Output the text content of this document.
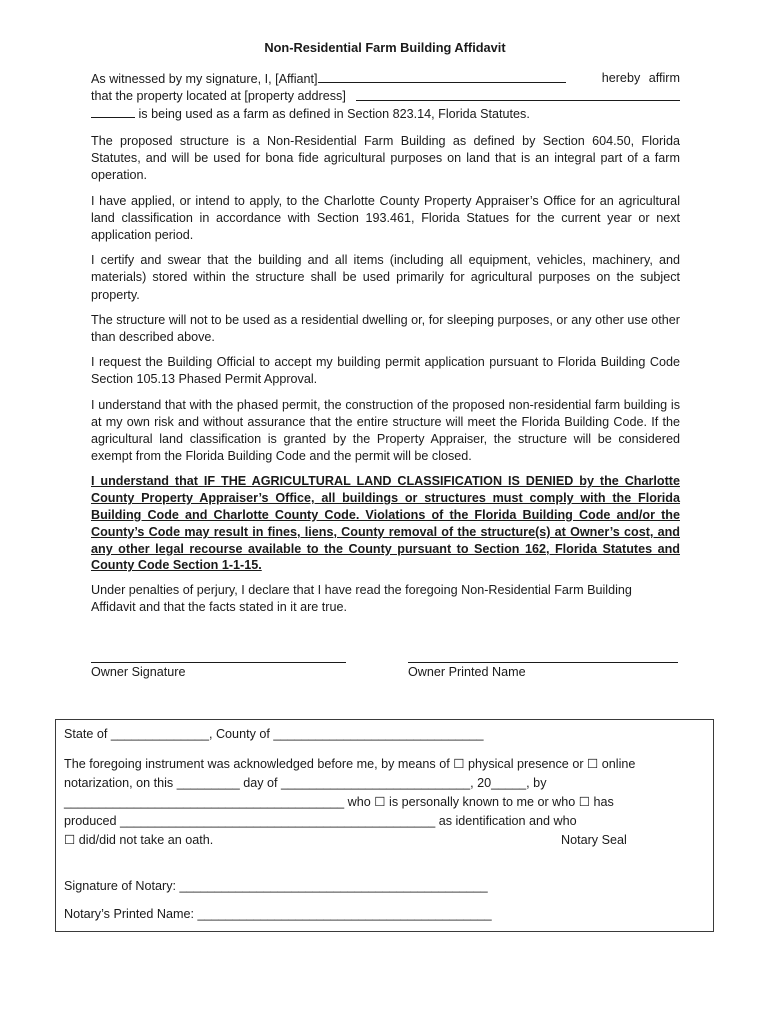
Non-Residential Farm Building Affidavit
As witnessed by my signature, I, [Affiant]	hereby affirm
that the property located at [property address]
is being used as a farm as defined in Section 823.14, Florida Statutes.

The proposed structure is a Non-Residential Farm Building as defined by Section 604.50, Florida Statutes, and will be used for bona fide agricultural purposes on land that is an integral part of a farm operation.

I have applied, or intend to apply, to the Charlotte County Property Appraiser’s Office for an agricultural land classification in accordance with Section 193.461, Florida Statues for the current year or next application period.

I certify and swear that the building and all items (including all equipment, vehicles, machinery, and materials) stored within the structure shall be used primarily for agricultural purposes on the subject property.

The structure will not to be used as a residential dwelling or, for sleeping purposes, or any other use other than described above.

I request the Building Official to accept my building permit application pursuant to Florida Building Code Section 105.13 Phased Permit Approval.

I understand that with the phased permit, the construction of the proposed non-residential farm building is at my own risk and without assurance that the entire structure will meet the Florida Building Code. If the agricultural land classification is granted by the Property Appraiser, the structure will be considered exempt from the Florida Building Code and the permit will be closed.

I understand that IF THE AGRICULTURAL LAND CLASSIFICATION IS DENIED by the Charlotte County Property Appraiser’s Office, all buildings or structures must comply with the Florida Building Code and Charlotte County Code. Violations of the Florida Building Code and/or the County’s Code may result in fines, liens, County removal of the structure(s) at Owner’s cost, and any other legal recourse available to the County pursuant to Section 162, Florida Statutes and County Code Section 1-1-15.

Under penalties of perjury, I declare that I have read the foregoing Non-Residential Farm Building Affidavit and that the facts stated in it are true.

Owner Signature	Owner Printed Name
State of ______________, County of ______________________________
The foregoing instrument was acknowledged before me, by means of ☐ physical presence or ☐ online
notarization, on this _________ day of ___________________________, 20_____, by
________________________________________ who ☐ is personally known to me or who ☐ has
produced _____________________________________________ as identification and who
☐ did/did not take an oath.	Notary Seal
Signature of Notary: ____________________________________________
Notary’s Printed Name: __________________________________________
